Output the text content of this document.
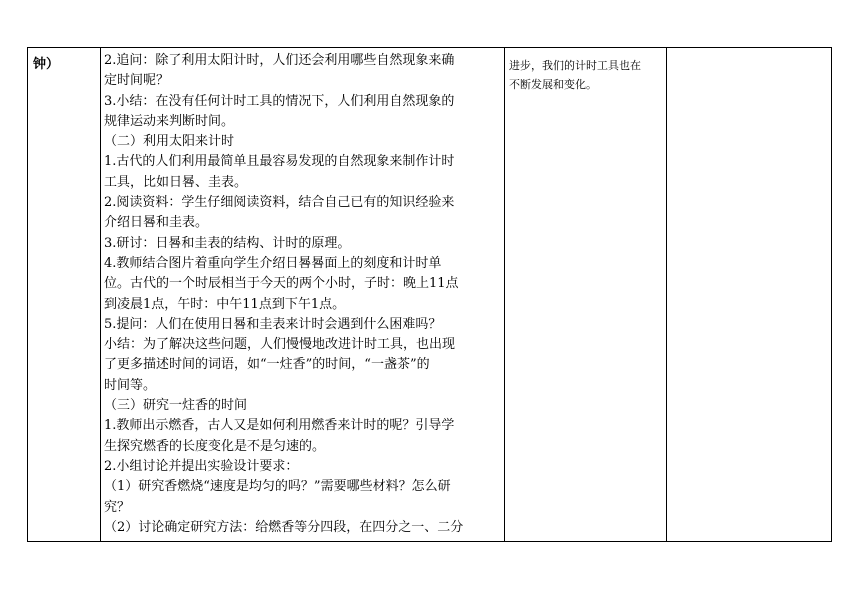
钟）	2.追问：除了利用太阳计时，人们还会利用哪些自然现象来确

定时间呢？

3.小结：在没有任何计时工具的情况下，人们利用自然现象的

规律运动来判断时间。

（二）利用太阳来计时

1.古代的人们利用最简单且最容易发现的自然现象来制作计时

工具，比如日晷、圭表。

2.阅读资料：学生仔细阅读资料，结合自己已有的知识经验来

介绍日晷和圭表。

3.研讨：日晷和圭表的结构、计时的原理。

4.教师结合图片着重向学生介绍日晷晷面上的刻度和计时单

位。古代的一个时辰相当于今天的两个小时，子时：晚上11点

到凌晨1点，午时：中午11点到下午1点。

5.提问：人们在使用日晷和圭表来计时会遇到什么困难吗？

小结：为了解决这些问题，人们慢慢地改进计时工具，也出现

了更多描述时间的词语，如“一炷香”的时间，“一盏茶”的

时间等。

（三）研究一炷香的时间

1.教师出示燃香，古人又是如何利用燃香来计时的呢？引导学

生探究燃香的长度变化是不是匀速的。

2.小组讨论并提出实验设计要求：

（1）研究香燃烧“速度是均匀的吗？”需要哪些材料？怎么研

究？

（2）讨论确定研究方法：给燃香等分四段，在四分之一、二分

进步，我们的计时工具也在

不断发展和变化。
